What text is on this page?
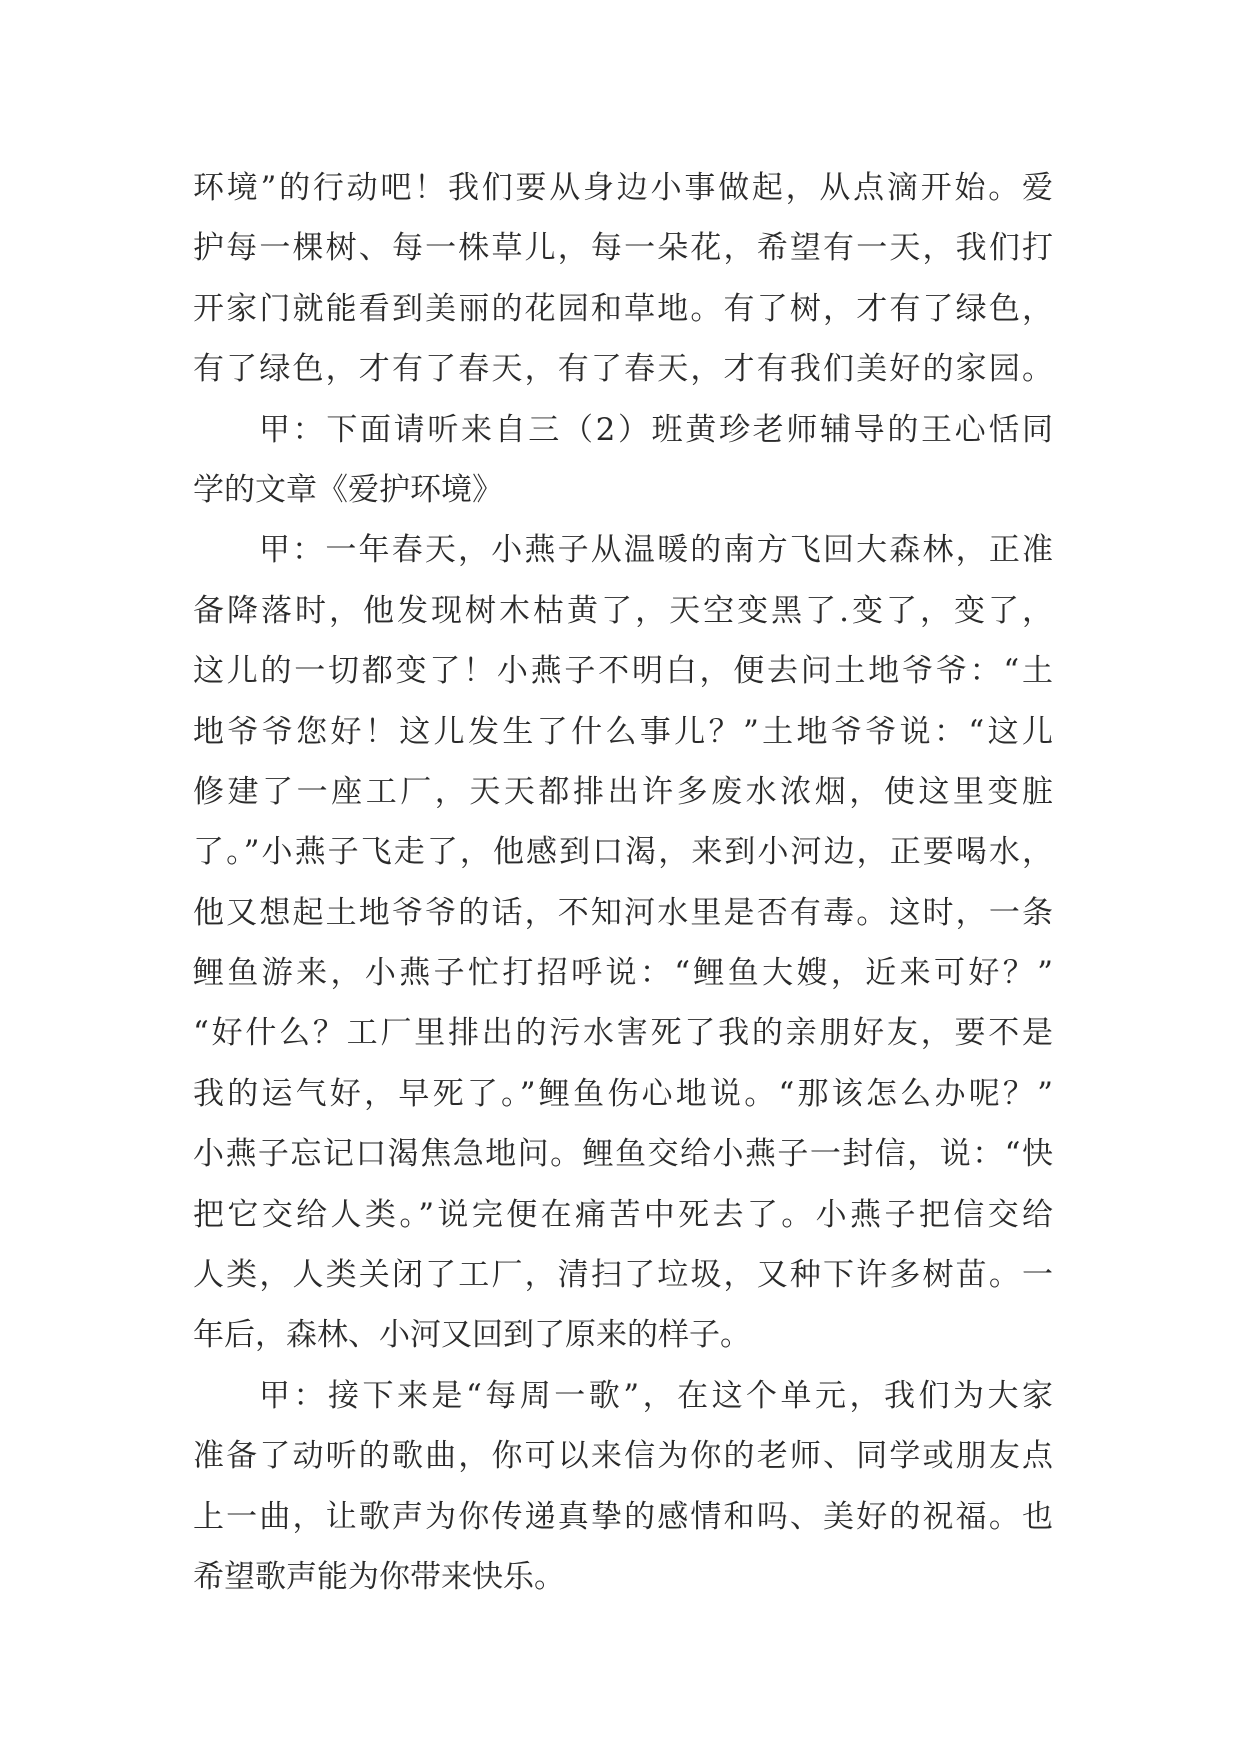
环境”的行动吧！我们要从身边小事做起，从点滴开始。爱
护每一棵树、每一株草儿，每一朵花，希望有一天，我们打
开家门就能看到美丽的花园和草地。有了树，才有了绿色，
有了绿色，才有了春天，有了春天，才有我们美好的家园。
甲：下面请听来自三（2）班黄珍老师辅导的王心恬同
学的文章《爱护环境》
甲：一年春天，小燕子从温暖的南方飞回大森林，正准
备降落时，他发现树木枯黄了，天空变黑了.变了，变了，
这儿的一切都变了！小燕子不明白，便去问土地爷爷：“土
地爷爷您好！这儿发生了什么事儿？”土地爷爷说：“这儿
修建了一座工厂，天天都排出许多废水浓烟，使这里变脏
了。”小燕子飞走了，他感到口渴，来到小河边，正要喝水，
他又想起土地爷爷的话，不知河水里是否有毒。这时，一条
鲤鱼游来，小燕子忙打招呼说：“鲤鱼大嫂，近来可好？”
“好什么？工厂里排出的污水害死了我的亲朋好友，要不是
我的运气好，早死了。”鲤鱼伤心地说。“那该怎么办呢？”
小燕子忘记口渴焦急地问。鲤鱼交给小燕子一封信，说：“快
把它交给人类。”说完便在痛苦中死去了。小燕子把信交给
人类，人类关闭了工厂，清扫了垃圾，又种下许多树苗。一
年后，森林、小河又回到了原来的样子。
甲：接下来是“每周一歌”，在这个单元，我们为大家
准备了动听的歌曲，你可以来信为你的老师、同学或朋友点
上一曲，让歌声为你传递真挚的感情和吗、美好的祝福。也
希望歌声能为你带来快乐。
